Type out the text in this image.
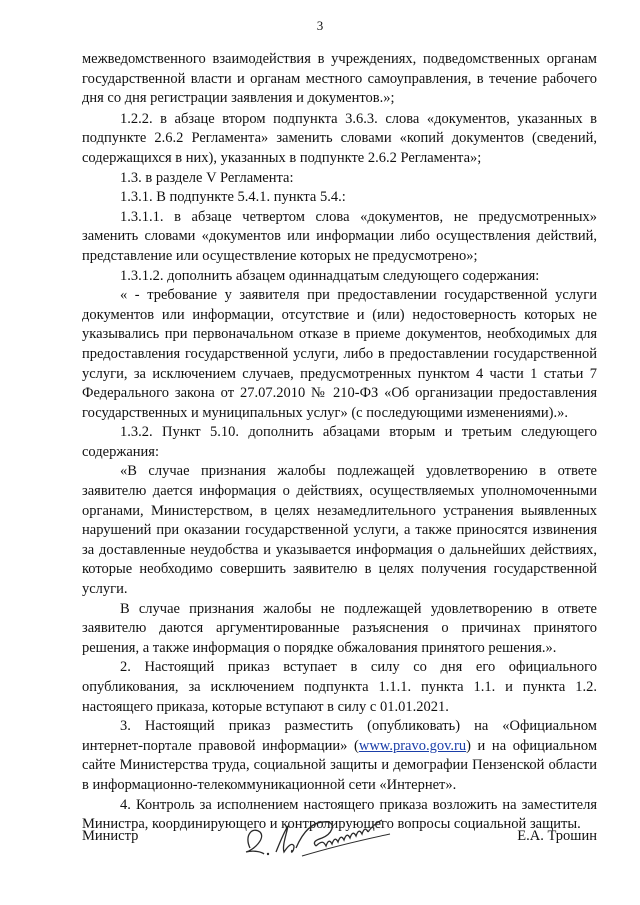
3

межведомственного взаимодействия в учреждениях, подведомственных органам государственной власти и органам местного самоуправления, в течение рабочего дня со дня регистрации заявления и документов.»;

1.2.2. в абзаце втором подпункта 3.6.3. слова «документов, указанных в подпункте 2.6.2 Регламента» заменить словами «копий документов (сведений, содержащихся в них), указанных в подпункте 2.6.2 Регламента»;

1.3. в разделе V Регламента:

1.3.1. В подпункте 5.4.1. пункта 5.4.:

1.3.1.1. в абзаце четвертом слова «документов, не предусмотренных» заменить словами «документов или информации либо осуществления действий, представление или осуществление которых не предусмотрено»;

1.3.1.2. дополнить абзацем одиннадцатым следующего содержания:

« - требование у заявителя при предоставлении государственной услуги документов или информации, отсутствие и (или) недостоверность которых не указывались при первоначальном отказе в приеме документов, необходимых для предоставления государственной услуги, либо в предоставлении государственной услуги, за исключением случаев, предусмотренных пунктом 4 части 1 статьи 7 Федерального закона от 27.07.2010 № 210-ФЗ «Об организации предоставления государственных и муниципальных услуг» (с последующими изменениями).».

1.3.2. Пункт 5.10. дополнить абзацами вторым и третьим следующего содержания:

«В случае признания жалобы подлежащей удовлетворению в ответе заявителю дается информация о действиях, осуществляемых уполномоченными органами, Министерством, в целях незамедлительного устранения выявленных нарушений при оказании государственной услуги, а также приносятся извинения за доставленные неудобства и указывается информация о дальнейших действиях, которые необходимо совершить заявителю в целях получения государственной услуги.

В случае признания жалобы не подлежащей удовлетворению в ответе заявителю даются аргументированные разъяснения о причинах принятого решения, а также информация о порядке обжалования принятого решения.».

2. Настоящий приказ вступает в силу со дня его официального опубликования, за исключением подпункта 1.1.1. пункта 1.1. и пункта 1.2. настоящего приказа, которые вступают в силу с 01.01.2021.

3. Настоящий приказ разместить (опубликовать) на «Официальном интернет-портале правовой информации» (www.pravo.gov.ru) и на официальном сайте Министерства труда, социальной защиты и демографии Пензенской области в информационно-телекоммуникационной сети «Интернет».

4. Контроль за исполнением настоящего приказа возложить на заместителя Министра, координирующего и контролирующего вопросы социальной защиты.

Министр	Е.А. Трошин
